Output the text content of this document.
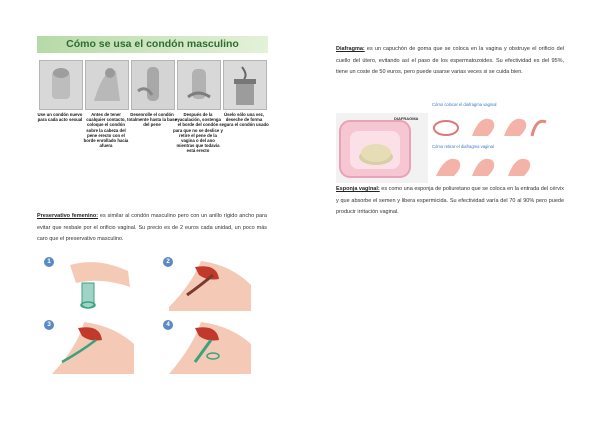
Cómo se usa el condón masculino
Use un condón nuevo para cada acto sexual
Antes de tener cualquier contacto, coloque el condón sobre la cabeza del pene erecto con el borde enrollado hacia afuera
Desenrolle el condón totalmente hasta la base del pene
Después de la eyaculación, sostenga el borde del condón para que no se deslice y retire el pene de la vagina o del ano mientras que todavía está erecto
Úselo sólo una vez, deseche de forma segura el condón usado
Diafragma: es un capuchón de goma que se coloca en la vagina y obstruye el orificio del cuello del útero, evitando así el paso de los espermatozoides. Su efectividad es del 95%, tiene un coste de 50 euros, pero puede usarse varias veces si se cuida bien.
DIAFRAGMA
Cómo colocar el diafragma vaginal
Cómo retirar el diafragma vaginal
Esponja vaginal: es como una esponja de poliuretano que se coloca en la entrada del cérvix y que absorbe el semen y libera espermicida. Su efectividad varía del 70 al 90% pero puede producir irritación vaginal.
Preservativo femenino: es similar al condón masculino pero con un anillo rígido ancho para evitar que resbale por el orificio vaginal. Su precio es de 2 euros cada unidad, un poco más caro que el preservativo masculino.
1	2
3	4
